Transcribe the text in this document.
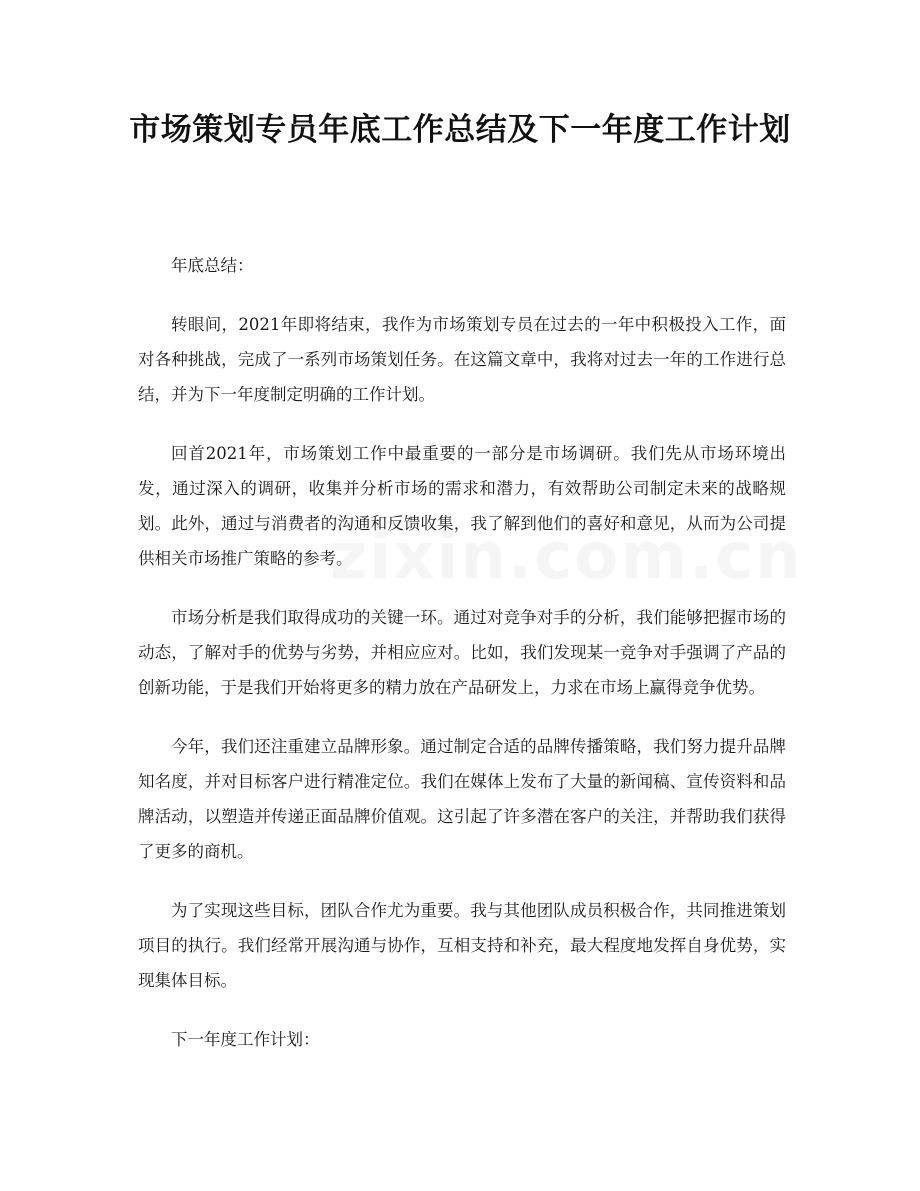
市场策划专员年底工作总结及下一年度工作计划

年底总结：

转眼间，2021年即将结束，我作为市场策划专员在过去的一年中积极投入工作，面对各种挑战，完成了一系列市场策划任务。在这篇文章中，我将对过去一年的工作进行总结，并为下一年度制定明确的工作计划。

回首2021年，市场策划工作中最重要的一部分是市场调研。我们先从市场环境出发，通过深入的调研，收集并分析市场的需求和潜力，有效帮助公司制定未来的战略规划。此外，通过与消费者的沟通和反馈收集，我了解到他们的喜好和意见，从而为公司提供相关市场推广策略的参考。

市场分析是我们取得成功的关键一环。通过对竞争对手的分析，我们能够把握市场的动态，了解对手的优势与劣势，并相应应对。比如，我们发现某一竞争对手强调了产品的创新功能，于是我们开始将更多的精力放在产品研发上，力求在市场上赢得竞争优势。

今年，我们还注重建立品牌形象。通过制定合适的品牌传播策略，我们努力提升品牌知名度，并对目标客户进行精准定位。我们在媒体上发布了大量的新闻稿、宣传资料和品牌活动，以塑造并传递正面品牌价值观。这引起了许多潜在客户的关注，并帮助我们获得了更多的商机。

为了实现这些目标，团队合作尤为重要。我与其他团队成员积极合作，共同推进策划项目的执行。我们经常开展沟通与协作，互相支持和补充，最大程度地发挥自身优势，实现集体目标。

下一年度工作计划：
